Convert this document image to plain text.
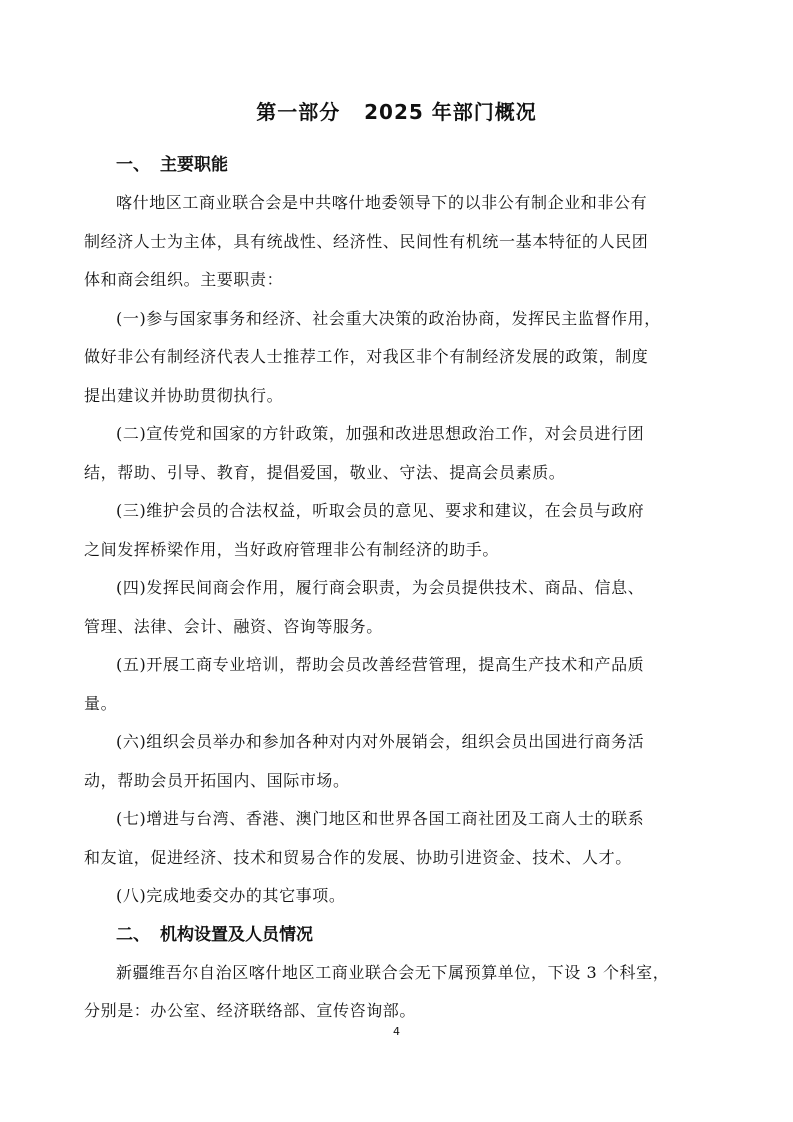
第一部分   2025 年部门概况
一、 主要职能
喀什地区工商业联合会是中共喀什地委领导下的以非公有制企业和非公有
制经济人士为主体，具有统战性、经济性、民间性有机统一基本特征的人民团
体和商会组织。主要职责：
(一)参与国家事务和经济、社会重大决策的政治协商，发挥民主监督作用，
做好非公有制经济代表人士推荐工作，对我区非个有制经济发展的政策，制度
提出建议并协助贯彻执行。
(二)宣传党和国家的方针政策，加强和改进思想政治工作，对会员进行团
结，帮助、引导、教育，提倡爱国，敬业、守法、提高会员素质。
(三)维护会员的合法权益，听取会员的意见、要求和建议，在会员与政府
之间发挥桥梁作用，当好政府管理非公有制经济的助手。
(四)发挥民间商会作用，履行商会职责，为会员提供技术、商品、信息、
管理、法律、会计、融资、咨询等服务。
(五)开展工商专业培训，帮助会员改善经营管理，提高生产技术和产品质
量。
(六)组织会员举办和参加各种对内对外展销会，组织会员出国进行商务活
动，帮助会员开拓国内、国际市场。
(七)增进与台湾、香港、澳门地区和世界各国工商社团及工商人士的联系
和友谊，促进经济、技术和贸易合作的发展、协助引进资金、技术、人才。
(八)完成地委交办的其它事项。
二、 机构设置及人员情况
新疆维吾尔自治区喀什地区工商业联合会无下属预算单位，下设 3 个科室，
分别是：办公室、经济联络部、宣传咨询部。
4
